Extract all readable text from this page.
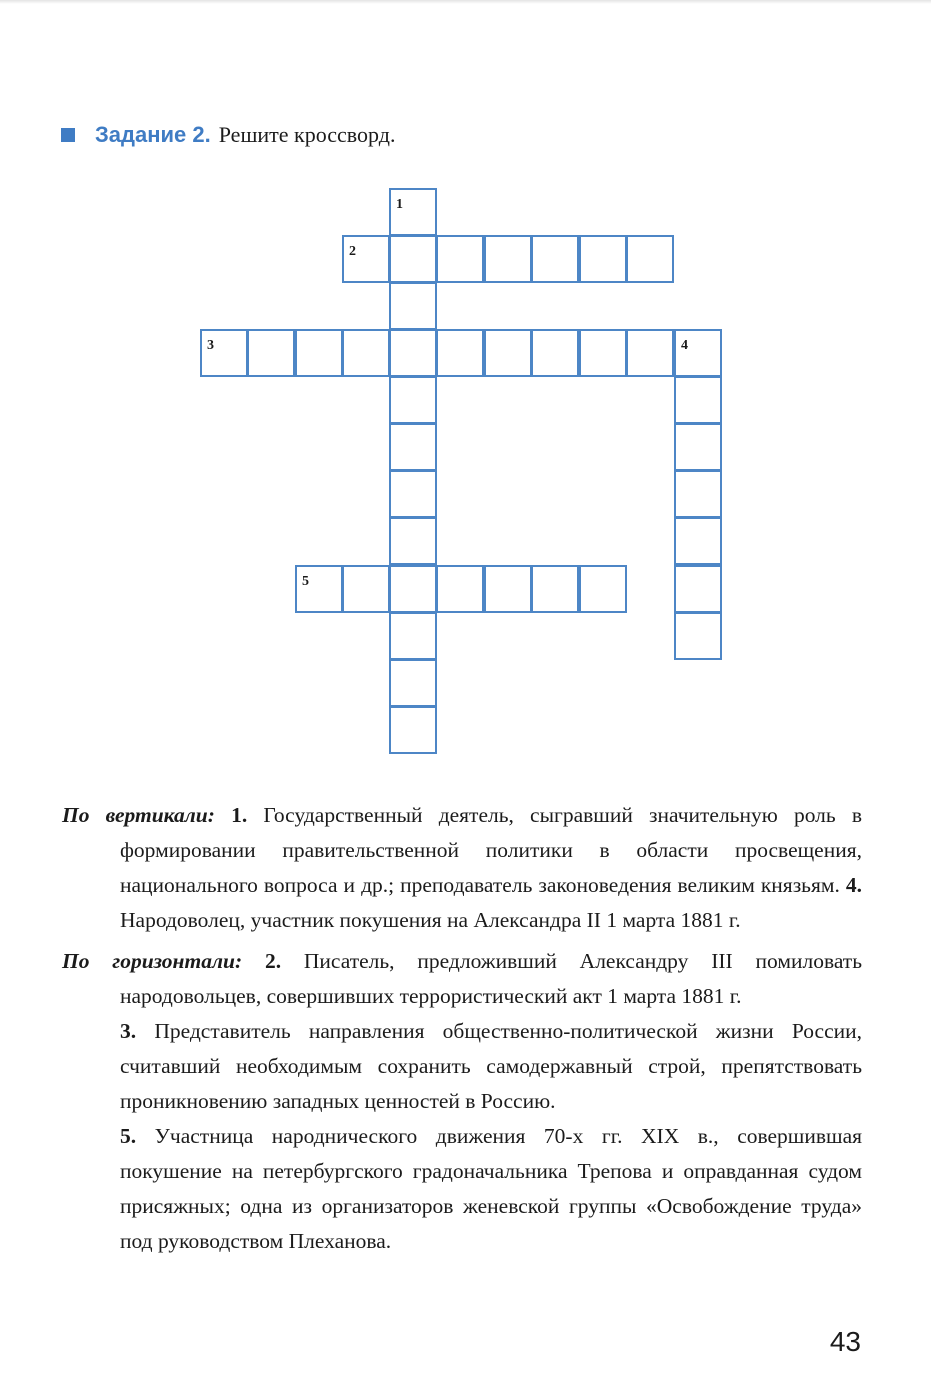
Задание 2. Решите кроссворд.
1
2
3	4
5

По вертикали: 1. Государственный деятель, сыгравший значительную роль в формировании правительственной политики в области просвещения, национального вопроса и др.; преподаватель законоведения великим князьям. 4. Народоволец, участник покушения на Александра II 1 марта 1881 г.

По горизонтали: 2. Писатель, предложивший Александру III помиловать народовольцев, совершивших террористический акт 1 марта 1881 г.

3. Представитель направления общественно-политической жизни России, считавший необходимым сохранить самодержавный строй, препятствовать проникновению западных ценностей в Россию.

5. Участница народнического движения 70-х гг. XIX в., совершившая покушение на петербургского градоначальника Трепова и оправданная судом присяжных; одна из организаторов женевской группы «Освобождение труда» под руководством Плеханова.

43
